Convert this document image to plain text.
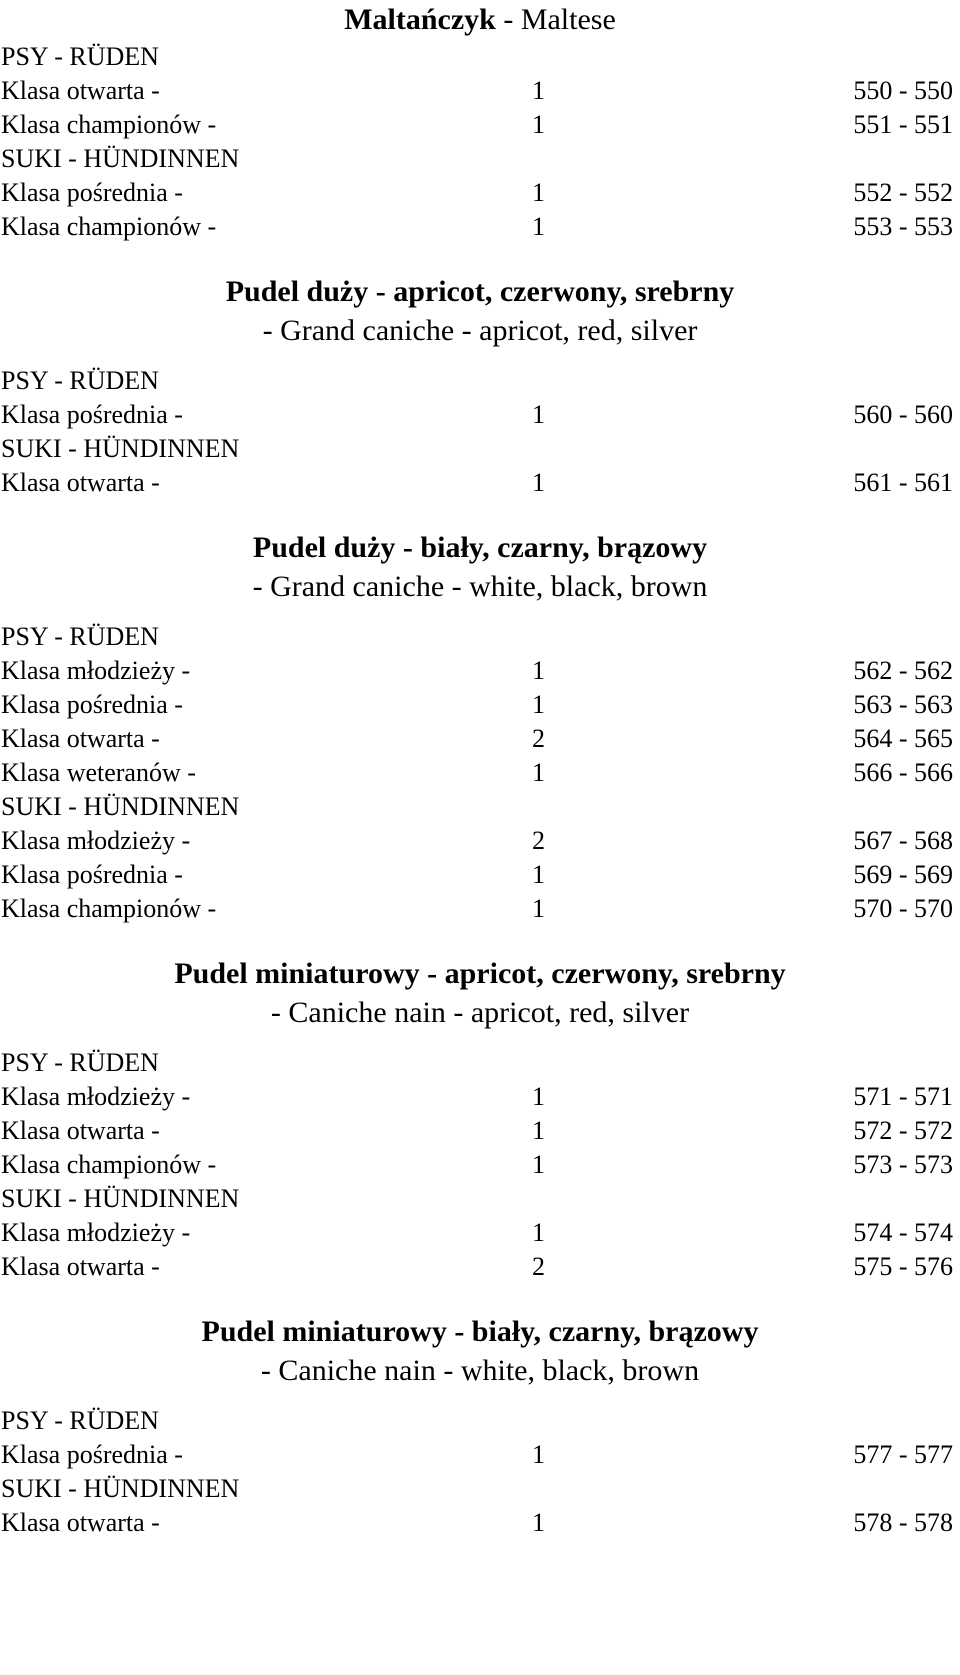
Maltańczyk - Maltese
PSY - RÜDEN
Klasa otwarta -	1	550 - 550
Klasa championów -	1	551 - 551
SUKI - HÜNDINNEN
Klasa pośrednia -	1	552 - 552
Klasa championów -	1	553 - 553
Pudel duży - apricot, czerwony, srebrny
- Grand caniche - apricot, red, silver
PSY - RÜDEN
Klasa pośrednia -	1	560 - 560
SUKI - HÜNDINNEN
Klasa otwarta -	1	561 - 561
Pudel duży - biały, czarny, brązowy
- Grand caniche - white, black, brown
PSY - RÜDEN
Klasa młodzieży -	1	562 - 562
Klasa pośrednia -	1	563 - 563
Klasa otwarta -	2	564 - 565
Klasa weteranów -	1	566 - 566
SUKI - HÜNDINNEN
Klasa młodzieży -	2	567 - 568
Klasa pośrednia -	1	569 - 569
Klasa championów -	1	570 - 570
Pudel miniaturowy - apricot, czerwony, srebrny
- Caniche nain - apricot, red, silver
PSY - RÜDEN
Klasa młodzieży -	1	571 - 571
Klasa otwarta -	1	572 - 572
Klasa championów -	1	573 - 573
SUKI - HÜNDINNEN
Klasa młodzieży -	1	574 - 574
Klasa otwarta -	2	575 - 576
Pudel miniaturowy - biały, czarny, brązowy
- Caniche nain - white, black, brown
PSY - RÜDEN
Klasa pośrednia -	1	577 - 577
SUKI - HÜNDINNEN
Klasa otwarta -	1	578 - 578
